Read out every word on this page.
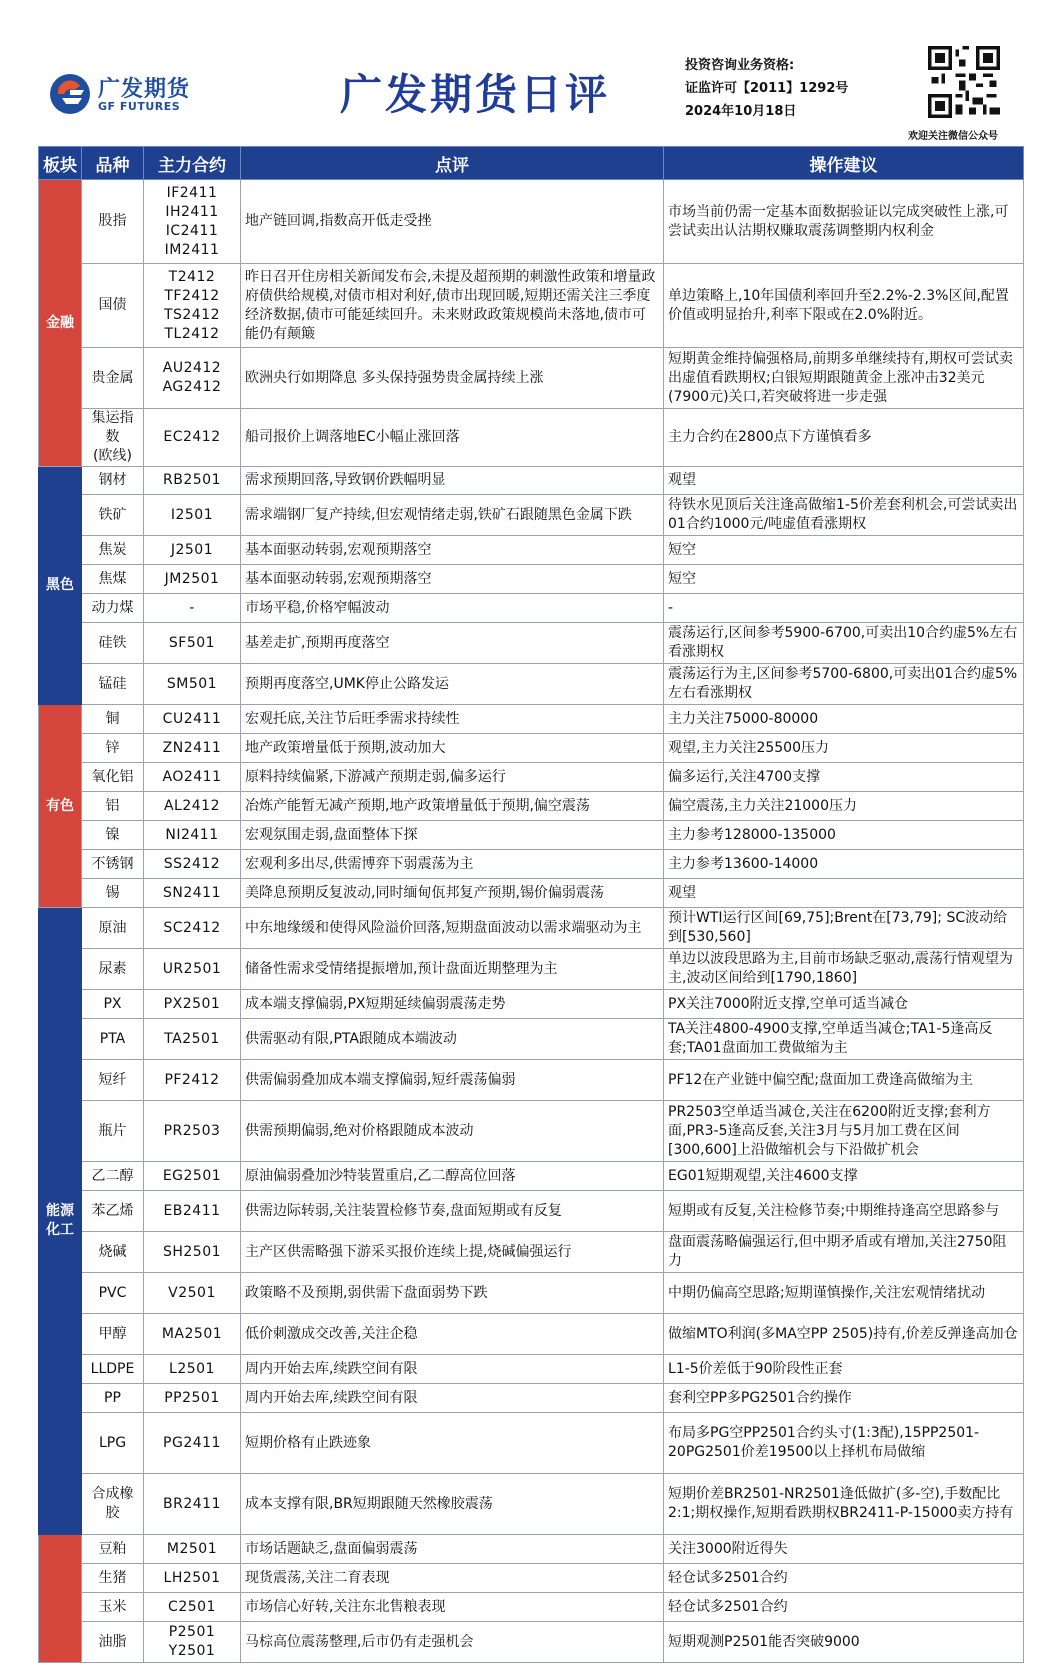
广发期货
GF FUTURES	广发期货日评
投资咨询业务资格:
证监许可【2011】1292号
2024年10月18日
欢迎关注微信公众号
板块	品种	主力合约	点评	操作建议
金融	股指	IF2411
IH2411
IC2411
IM2411	地产链回调,指数高开低走受挫	市场当前仍需一定基本面数据验证以完成突破性上涨,可尝试卖出认沽期权赚取震荡调整期内权利金
	国债	T2412
TF2412
TS2412
TL2412	昨日召开住房相关新闻发布会,未提及超预期的刺激性政策和增量政府债供给规模,对债市相对利好,债市出现回暖,短期还需关注三季度经济数据,债市可能延续回升。未来财政政策规模尚未落地,债市可能仍有颠簸	单边策略上,10年国债利率回升至2.2%-2.3%区间,配置价值或明显抬升,利率下限或在2.0%附近。
	贵金属	AU2412
AG2412	欧洲央行如期降息 多头保持强势贵金属持续上涨	短期黄金维持偏强格局,前期多单继续持有,期权可尝试卖出虚值看跌期权;白银短期跟随黄金上涨冲击32美元(7900元)关口,若突破将进一步走强
	集运指数
(欧线)	EC2412	船司报价上调落地EC小幅止涨回落	主力合约在2800点下方谨慎看多
黑色	钢材	RB2501	需求预期回落,导致钢价跌幅明显	观望
	铁矿	I2501	需求端钢厂复产持续,但宏观情绪走弱,铁矿石跟随黑色金属下跌	待铁水见顶后关注逢高做缩1-5价差套利机会,可尝试卖出01合约1000元/吨虚值看涨期权
	焦炭	J2501	基本面驱动转弱,宏观预期落空	短空
	焦煤	JM2501	基本面驱动转弱,宏观预期落空	短空
	动力煤	-	市场平稳,价格窄幅波动	-
	硅铁	SF501	基差走扩,预期再度落空	震荡运行,区间参考5900-6700,可卖出10合约虚5%左右看涨期权
	锰硅	SM501	预期再度落空,UMK停止公路发运	震荡运行为主,区间参考5700-6800,可卖出01合约虚5%左右看涨期权
有色	铜	CU2411	宏观托底,关注节后旺季需求持续性	主力关注75000-80000
	锌	ZN2411	地产政策增量低于预期,波动加大	观望,主力关注25500压力
	氧化铝	AO2411	原料持续偏紧,下游减产预期走弱,偏多运行	偏多运行,关注4700支撑
	铝	AL2412	冶炼产能暂无减产预期,地产政策增量低于预期,偏空震荡	偏空震荡,主力关注21000压力
	镍	NI2411	宏观氛围走弱,盘面整体下探	主力参考128000-135000
	不锈钢	SS2412	宏观利多出尽,供需博弈下弱震荡为主	主力参考13600-14000
	锡	SN2411	美降息预期反复波动,同时缅甸佤邦复产预期,锡价偏弱震荡	观望
能源
化工	原油	SC2412	中东地缘缓和使得风险溢价回落,短期盘面波动以需求端驱动为主	预计WTI运行区间[69,75];Brent在[73,79]; SC波动给到[530,560]
	尿素	UR2501	储备性需求受情绪提振增加,预计盘面近期整理为主	单边以波段思路为主,目前市场缺乏驱动,震荡行情观望为主,波动区间给到[1790,1860]
	PX	PX2501	成本端支撑偏弱,PX短期延续偏弱震荡走势	PX关注7000附近支撑,空单可适当减仓
	PTA	TA2501	供需驱动有限,PTA跟随成本端波动	TA关注4800-4900支撑,空单适当减仓;TA1-5逢高反套;TA01盘面加工费做缩为主
	短纤	PF2412	供需偏弱叠加成本端支撑偏弱,短纤震荡偏弱	PF12在产业链中偏空配;盘面加工费逢高做缩为主
	瓶片	PR2503	供需预期偏弱,绝对价格跟随成本波动	PR2503空单适当减仓,关注在6200附近支撑;套利方面,PR3-5逢高反套,关注3月与5月加工费在区间[300,600]上沿做缩机会与下沿做扩机会
	乙二醇	EG2501	原油偏弱叠加沙特装置重启,乙二醇高位回落	EG01短期观望,关注4600支撑
	苯乙烯	EB2411	供需边际转弱,关注装置检修节奏,盘面短期或有反复	短期或有反复,关注检修节奏;中期维持逢高空思路参与
	烧碱	SH2501	主产区供需略强下游采买报价连续上提,烧碱偏强运行	盘面震荡略偏强运行,但中期矛盾或有增加,关注2750阻力
	PVC	V2501	政策略不及预期,弱供需下盘面弱势下跌	中期仍偏高空思路;短期谨慎操作,关注宏观情绪扰动
	甲醇	MA2501	低价刺激成交改善,关注企稳	做缩MTO利润(多MA空PP 2505)持有,价差反弹逢高加仓
	LLDPE	L2501	周内开始去库,续跌空间有限	L1-5价差低于90阶段性正套
	PP	PP2501	周内开始去库,续跌空间有限	套利空PP多PG2501合约操作
	LPG	PG2411	短期价格有止跌迹象	布局多PG空PP2501合约头寸(1:3配),15PP2501-20PG2501价差19500以上择机布局做缩
	合成橡胶	BR2411	成本支撑有限,BR短期跟随天然橡胶震荡	短期价差BR2501-NR2501逢低做扩(多-空),手数配比2:1;期权操作,短期看跌期权BR2411-P-15000卖方持有
	豆粕	M2501	市场话题缺乏,盘面偏弱震荡	关注3000附近得失
	生猪	LH2501	现货震荡,关注二育表现	轻仓试多2501合约
	玉米	C2501	市场信心好转,关注东北售粮表现	轻仓试多2501合约
	油脂	P2501
Y2501	马棕高位震荡整理,后市仍有走强机会	短期观测P2501能否突破9000
